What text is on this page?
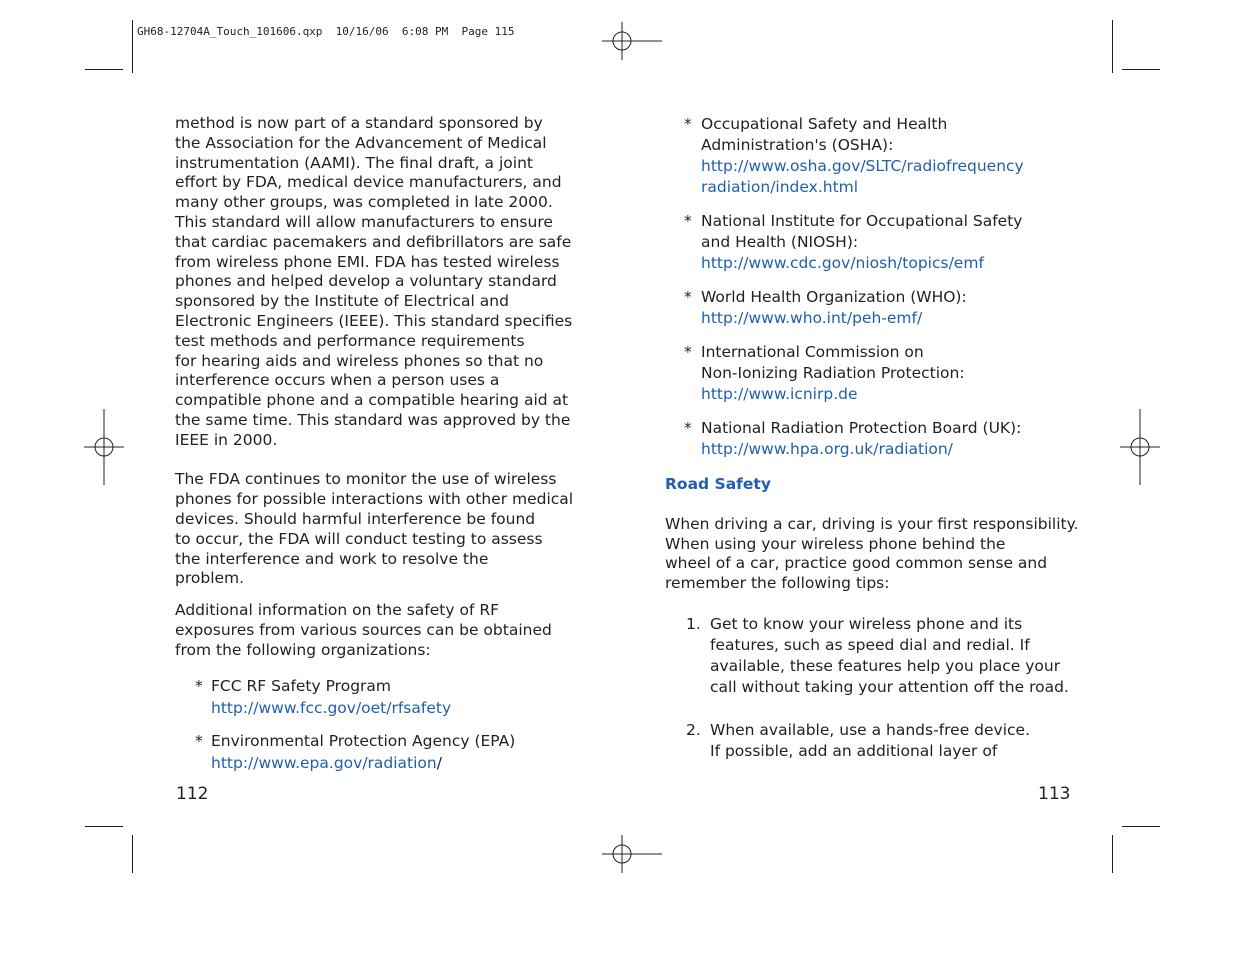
GH68-12704A_Touch_101606.qxp  10/16/06  6:08 PM  Page 115

method is now part of a standard sponsored by
the Association for the Advancement of Medical
instrumentation (AAMI). The final draft, a joint
effort by FDA, medical device manufacturers, and
many other groups, was completed in late 2000.
This standard will allow manufacturers to ensure
that cardiac pacemakers and defibrillators are safe
from wireless phone EMI. FDA has tested wireless
phones and helped develop a voluntary standard
sponsored by the Institute of Electrical and
Electronic Engineers (IEEE). This standard specifies
test methods and performance requirements
for hearing aids and wireless phones so that no
interference occurs when a person uses a
compatible phone and a compatible hearing aid at
the same time. This standard was approved by the
IEEE in 2000.

The FDA continues to monitor the use of wireless
phones for possible interactions with other medical
devices. Should harmful interference be found
to occur, the FDA will conduct testing to assess
the interference and work to resolve the
problem.

Additional information on the safety of RF
exposures from various sources can be obtained
from the following organizations:

* FCC RF Safety Program
http://www.fcc.gov/oet/rfsafety
* Environmental Protection Agency (EPA)
http://www.epa.gov/radiation/
112
* Occupational Safety and Health
Administration's (OSHA):
http://www.osha.gov/SLTC/radiofrequency
radiation/index.html
* National Institute for Occupational Safety
and Health (NIOSH):
http://www.cdc.gov/niosh/topics/emf
* World Health Organization (WHO):
http://www.who.int/peh-emf/
* International Commission on
Non-Ionizing Radiation Protection:
http://www.icnirp.de
* National Radiation Protection Board (UK):
http://www.hpa.org.uk/radiation/

Road Safety

When driving a car, driving is your first responsibility.
When using your wireless phone behind the
wheel of a car, practice good common sense and
remember the following tips:

1. Get to know your wireless phone and its
features, such as speed dial and redial. If
available, these features help you place your
call without taking your attention off the road.
2. When available, use a hands-free device.
If possible, add an additional layer of
113
